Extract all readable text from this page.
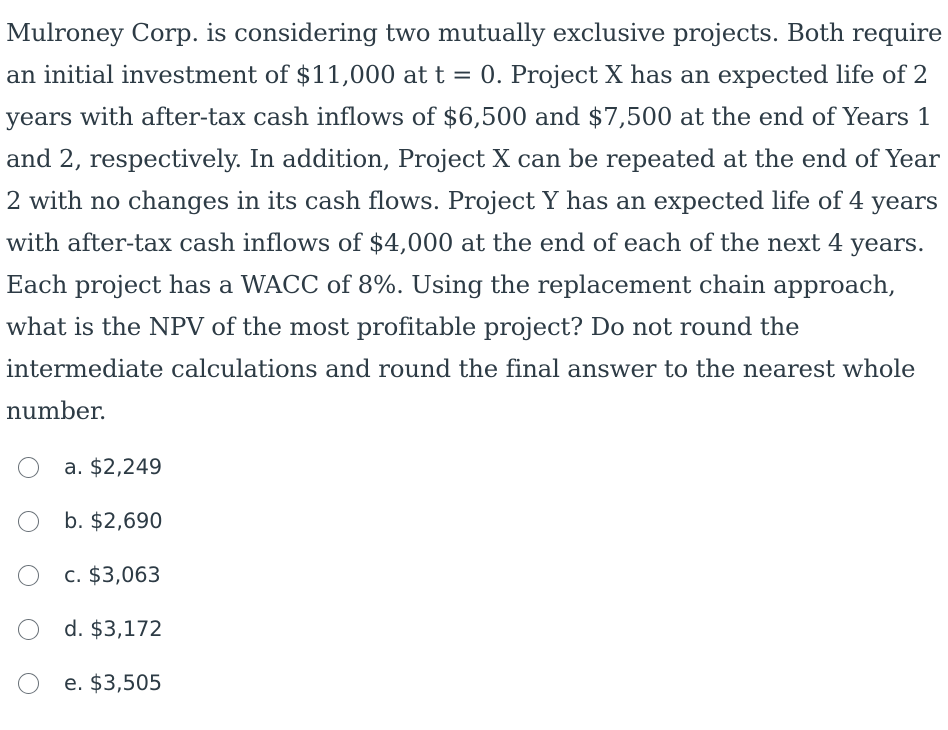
Mulroney Corp. is considering two mutually exclusive projects. Both require an initial investment of $11,000 at t = 0. Project X has an expected life of 2 years with after-tax cash inflows of $6,500 and $7,500 at the end of Years 1 and 2, respectively. In addition, Project X can be repeated at the end of Year 2 with no changes in its cash flows. Project Y has an expected life of 4 years with after-tax cash inflows of $4,000 at the end of each of the next 4 years. Each project has a WACC of 8%. Using the replacement chain approach, what is the NPV of the most profitable project? Do not round the intermediate calculations and round the final answer to the nearest whole number.

a. $2,249
b. $2,690
c. $3,063
d. $3,172
e. $3,505
